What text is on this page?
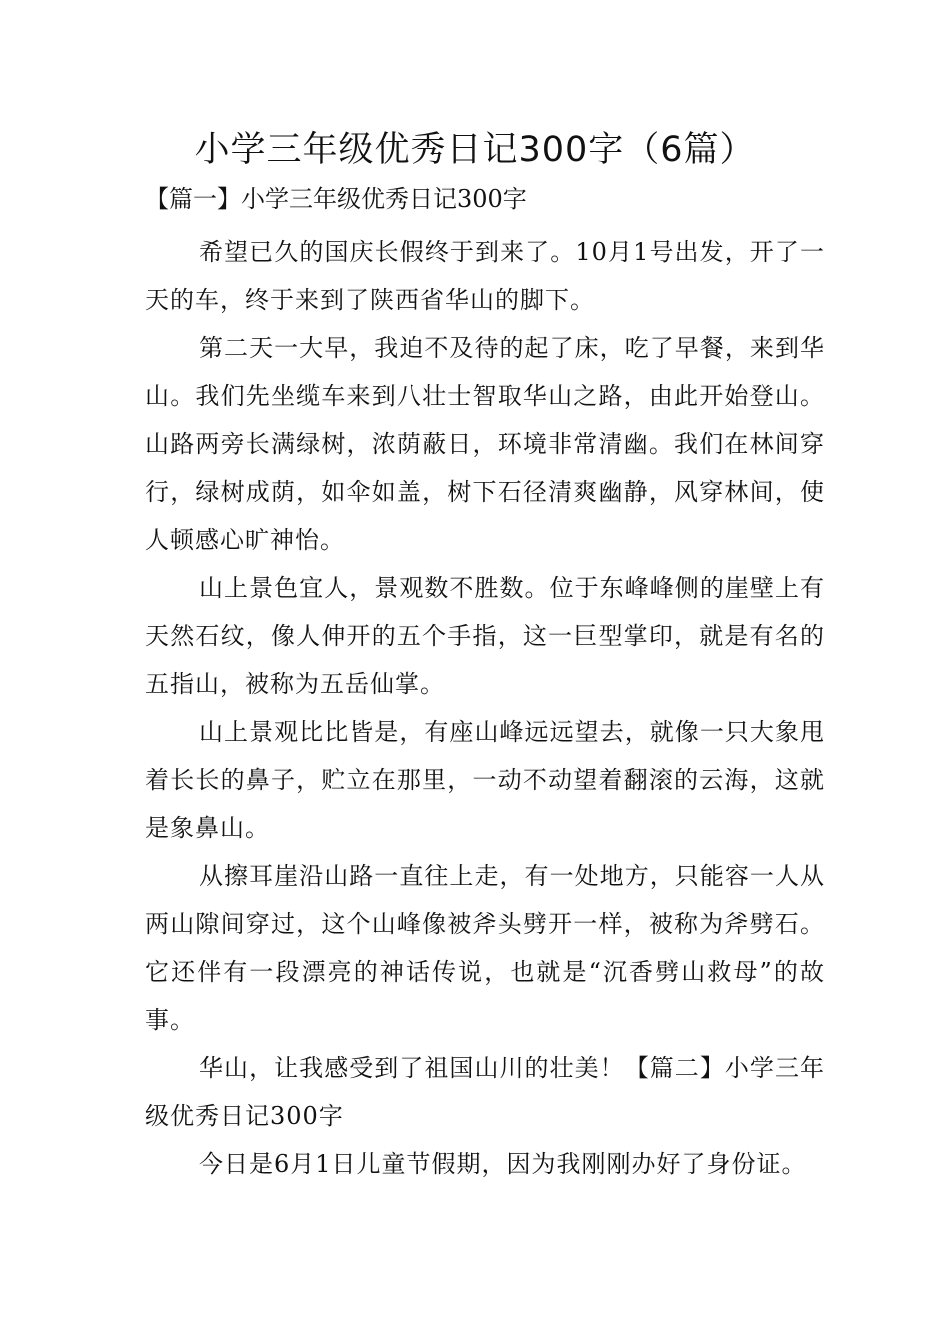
小学三年级优秀日记300字（6篇）
【篇一】小学三年级优秀日记300字

希望已久的国庆长假终于到来了。10月1号出发，开了一天的车，终于来到了陕西省华山的脚下。

第二天一大早，我迫不及待的起了床，吃了早餐，来到华山。我们先坐缆车来到八壮士智取华山之路，由此开始登山。山路两旁长满绿树，浓荫蔽日，环境非常清幽。我们在林间穿行，绿树成荫，如伞如盖，树下石径清爽幽静，风穿林间，使人顿感心旷神怡。

山上景色宜人，景观数不胜数。位于东峰峰侧的崖壁上有天然石纹，像人伸开的五个手指，这一巨型掌印，就是有名的五指山，被称为五岳仙掌。

山上景观比比皆是，有座山峰远远望去，就像一只大象甩着长长的鼻子，贮立在那里，一动不动望着翻滚的云海，这就是象鼻山。

从擦耳崖沿山路一直往上走，有一处地方，只能容一人从两山隙间穿过，这个山峰像被斧头劈开一样，被称为斧劈石。它还伴有一段漂亮的神话传说，也就是“沉香劈山救母”的故事。

华山，让我感受到了祖国山川的壮美！【篇二】小学三年级优秀日记300字

今日是6月1日儿童节假期，因为我刚刚办好了身份证。
